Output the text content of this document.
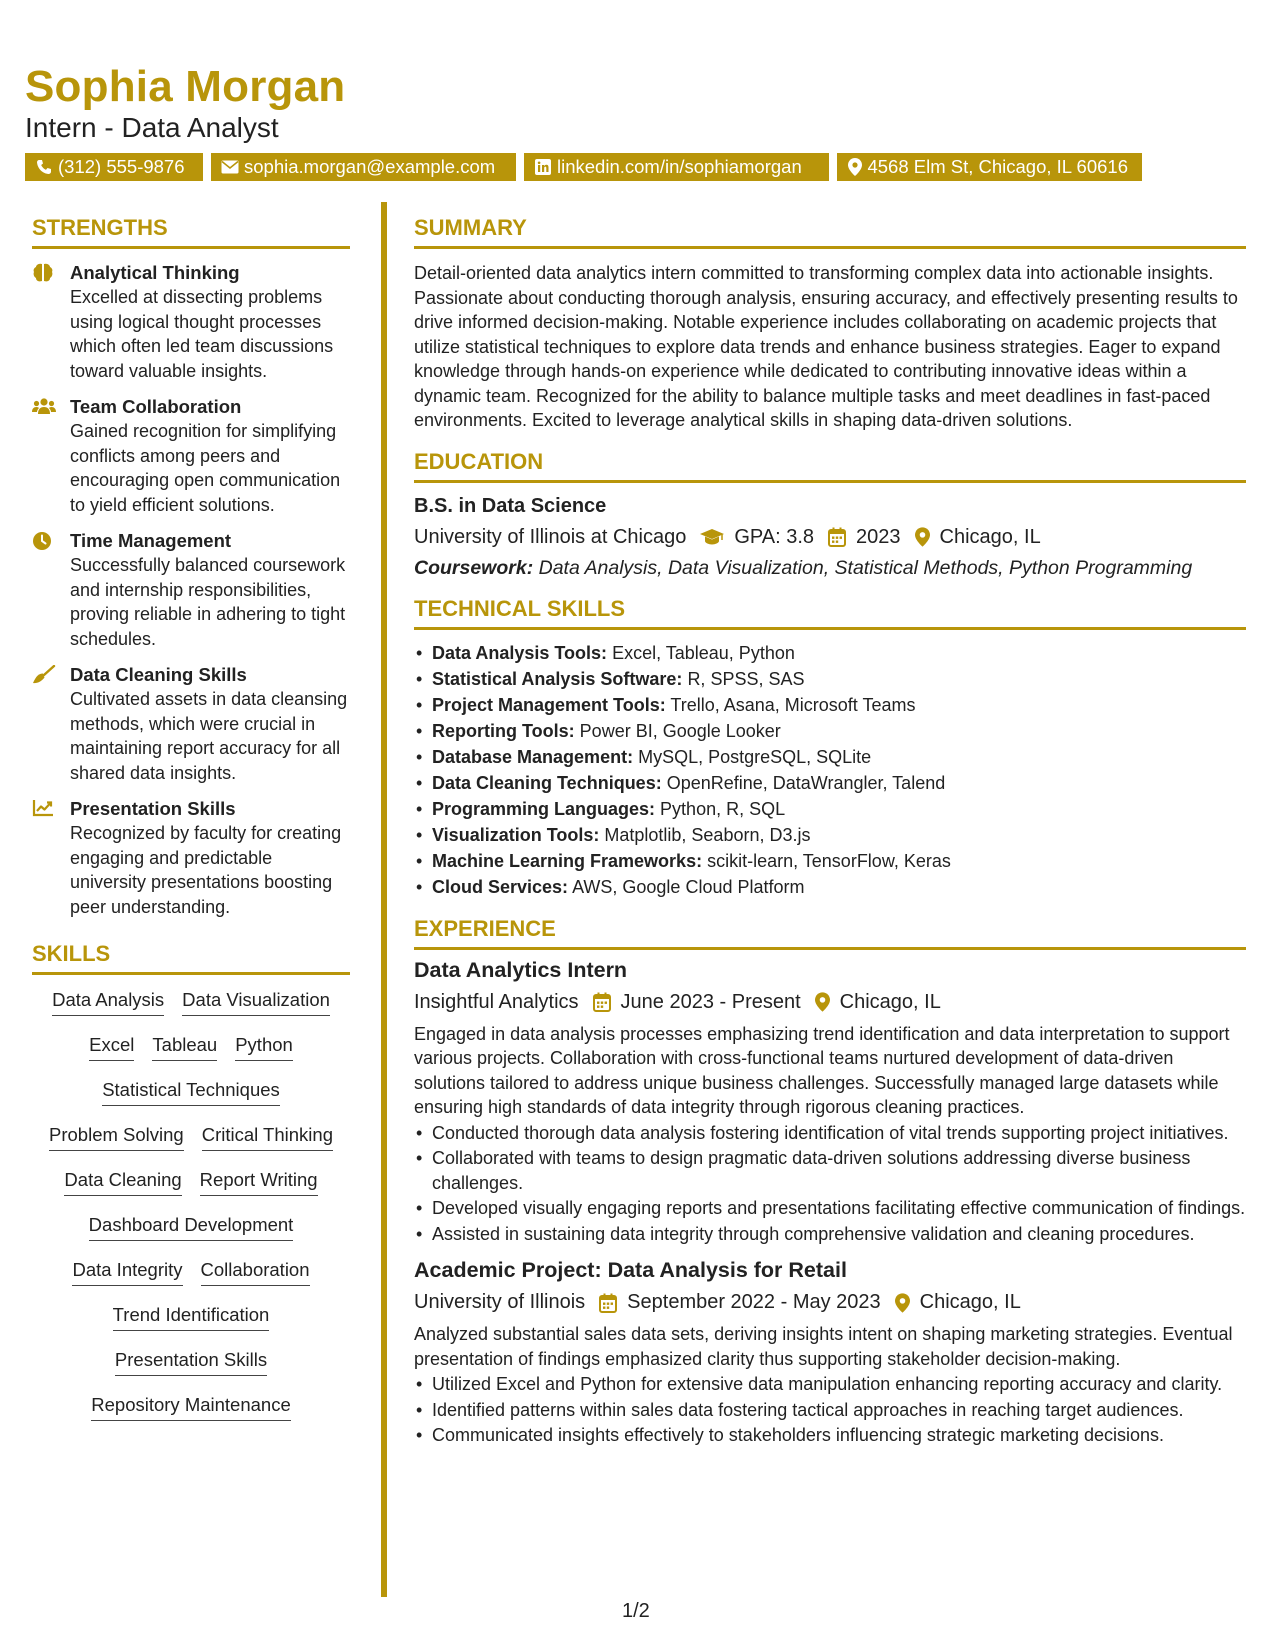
Sophia Morgan
Intern - Data Analyst
(312) 555-9876	sophia.morgan@example.com	linkedin.com/in/sophiamorgan	4568 Elm St, Chicago, IL 60616
STRENGTHS
Analytical Thinking
Excelled at dissecting problems using logical thought processes which often led team discussions toward valuable insights.
Team Collaboration
Gained recognition for simplifying conflicts among peers and encouraging open communication to yield efficient solutions.
Time Management
Successfully balanced coursework and internship responsibilities, proving reliable in adhering to tight schedules.
Data Cleaning Skills
Cultivated assets in data cleansing methods, which were crucial in maintaining report accuracy for all shared data insights.
Presentation Skills
Recognized by faculty for creating engaging and predictable university presentations boosting peer understanding.
SKILLS
Data Analysis Data Visualization
Excel Tableau Python
Statistical Techniques
Problem Solving Critical Thinking
Data Cleaning Report Writing
Dashboard Development
Data Integrity Collaboration
Trend Identification
Presentation Skills
Repository Maintenance
SUMMARY
Detail-oriented data analytics intern committed to transforming complex data into actionable insights. Passionate about conducting thorough analysis, ensuring accuracy, and effectively presenting results to drive informed decision-making. Notable experience includes collaborating on academic projects that utilize statistical techniques to explore data trends and enhance business strategies. Eager to expand knowledge through hands-on experience while dedicated to contributing innovative ideas within a dynamic team. Recognized for the ability to balance multiple tasks and meet deadlines in fast-paced environments. Excited to leverage analytical skills in shaping data-driven solutions.
EDUCATION
B.S. in Data Science
University of Illinois at Chicago GPA: 3.8 2023 Chicago, IL
Coursework: Data Analysis, Data Visualization, Statistical Methods, Python Programming
TECHNICAL SKILLS
• Data Analysis Tools: Excel, Tableau, Python
• Statistical Analysis Software: R, SPSS, SAS
• Project Management Tools: Trello, Asana, Microsoft Teams
• Reporting Tools: Power BI, Google Looker
• Database Management: MySQL, PostgreSQL, SQLite
• Data Cleaning Techniques: OpenRefine, DataWrangler, Talend
• Programming Languages: Python, R, SQL
• Visualization Tools: Matplotlib, Seaborn, D3.js
• Machine Learning Frameworks: scikit-learn, TensorFlow, Keras
• Cloud Services: AWS, Google Cloud Platform
EXPERIENCE
Data Analytics Intern
Insightful Analytics June 2023 - Present Chicago, IL
Engaged in data analysis processes emphasizing trend identification and data interpretation to support various projects. Collaboration with cross-functional teams nurtured development of data-driven solutions tailored to address unique business challenges. Successfully managed large datasets while ensuring high standards of data integrity through rigorous cleaning practices.
• Conducted thorough data analysis fostering identification of vital trends supporting project initiatives.
• Collaborated with teams to design pragmatic data-driven solutions addressing diverse business challenges.
• Developed visually engaging reports and presentations facilitating effective communication of findings.
• Assisted in sustaining data integrity through comprehensive validation and cleaning procedures.
Academic Project: Data Analysis for Retail
University of Illinois September 2022 - May 2023 Chicago, IL
Analyzed substantial sales data sets, deriving insights intent on shaping marketing strategies. Eventual presentation of findings emphasized clarity thus supporting stakeholder decision-making.
• Utilized Excel and Python for extensive data manipulation enhancing reporting accuracy and clarity.
• Identified patterns within sales data fostering tactical approaches in reaching target audiences.
• Communicated insights effectively to stakeholders influencing strategic marketing decisions.
1/2
